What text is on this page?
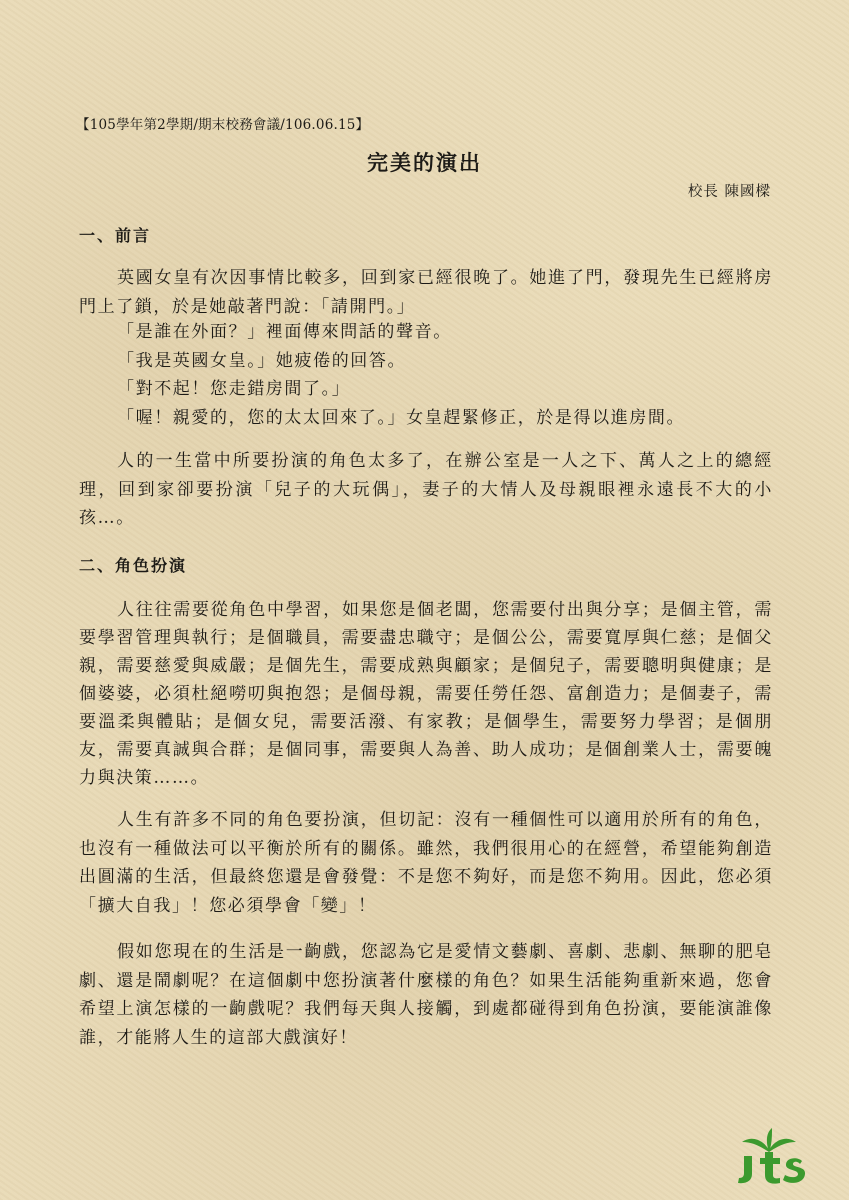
【105學年第2學期/期末校務會議/106.06.15】
完美的演出
校長 陳國樑
一、前言
英國女皇有次因事情比較多，回到家已經很晚了。她進了門，發現先生已經將房門上了鎖，於是她敲著門說：「請開門。」
「是誰在外面？」裡面傳來問話的聲音。
「我是英國女皇。」她疲倦的回答。
「對不起！您走錯房間了。」
「喔！親愛的，您的太太回來了。」女皇趕緊修正，於是得以進房間。
人的一生當中所要扮演的角色太多了，在辦公室是一人之下、萬人之上的總經理，回到家卻要扮演「兒子的大玩偶」，妻子的大情人及母親眼裡永遠長不大的小孩…。
二、角色扮演
人往往需要從角色中學習，如果您是個老闆，您需要付出與分享；是個主管，需要學習管理與執行；是個職員，需要盡忠職守；是個公公，需要寬厚與仁慈；是個父親，需要慈愛與威嚴；是個先生，需要成熟與顧家；是個兒子，需要聰明與健康；是個婆婆，必須杜絕嘮叨與抱怨；是個母親，需要任勞任怨、富創造力；是個妻子，需要溫柔與體貼；是個女兒，需要活潑、有家教；是個學生，需要努力學習；是個朋友，需要真誠與合群；是個同事，需要與人為善、助人成功；是個創業人士，需要魄力與決策……。
人生有許多不同的角色要扮演，但切記：沒有一種個性可以適用於所有的角色，也沒有一種做法可以平衡於所有的關係。雖然，我們很用心的在經營，希望能夠創造出圓滿的生活，但最終您還是會發覺：不是您不夠好，而是您不夠用。因此，您必須「擴大自我」！您必須學會「變」！
假如您現在的生活是一齣戲，您認為它是愛情文藝劇、喜劇、悲劇、無聊的肥皂劇、還是鬧劇呢？在這個劇中您扮演著什麼樣的角色？如果生活能夠重新來過，您會希望上演怎樣的一齣戲呢？我們每天與人接觸，到處都碰得到角色扮演，要能演誰像誰，才能將人生的這部大戲演好！
